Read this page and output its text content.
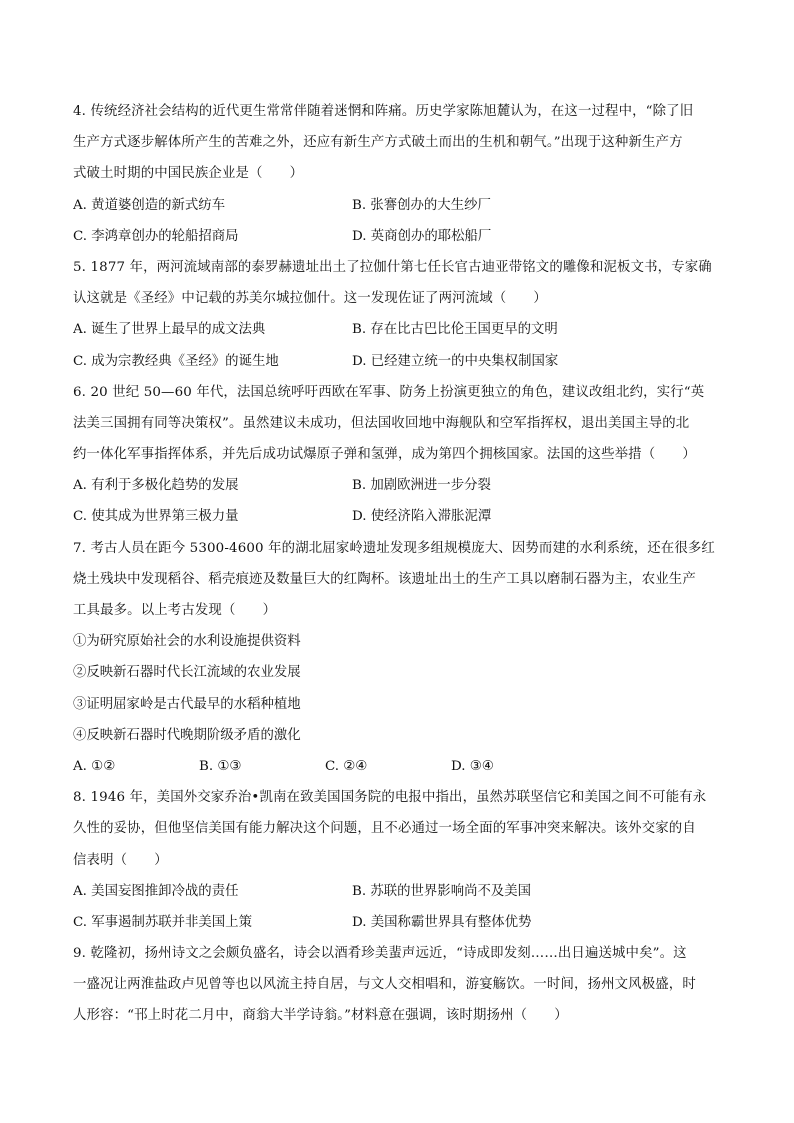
4. 传统经济社会结构的近代更生常常伴随着迷惘和阵痛。历史学家陈旭麓认为，在这一过程中，“除了旧
生产方式逐步解体所产生的苦难之外，还应有新生产方式破土而出的生机和朝气。”出现于这种新生产方
式破土时期的中国民族企业是（　　）
A. 黄道婆创造的新式纺车	B. 张謇创办的大生纱厂
C. 李鸿章创办的轮船招商局	D. 英商创办的耶松船厂
5. 1877 年，两河流域南部的泰罗赫遗址出土了拉伽什第七任长官古迪亚带铭文的雕像和泥板文书，专家确
认这就是《圣经》中记载的苏美尔城拉伽什。这一发现佐证了两河流域（　　）
A. 诞生了世界上最早的成文法典	B. 存在比古巴比伦王国更早的文明
C. 成为宗教经典《圣经》的诞生地	D. 已经建立统一的中央集权制国家
6. 20 世纪 50—60 年代，法国总统呼吁西欧在军事、防务上扮演更独立的角色，建议改组北约，实行“英
法美三国拥有同等决策权”。虽然建议未成功，但法国收回地中海舰队和空军指挥权，退出美国主导的北
约一体化军事指挥体系，并先后成功试爆原子弹和氢弹，成为第四个拥核国家。法国的这些举措（　　）
A. 有利于多极化趋势的发展	B. 加剧欧洲进一步分裂
C. 使其成为世界第三极力量	D. 使经济陷入滞胀泥潭
7. 考古人员在距今 5300-4600 年的湖北屈家岭遗址发现多组规模庞大、因势而建的水利系统，还在很多红
烧土残块中发现稻谷、稻壳痕迹及数量巨大的红陶杯。该遗址出土的生产工具以磨制石器为主，农业生产
工具最多。以上考古发现（　　）
①为研究原始社会的水利设施提供资料
②反映新石器时代长江流域的农业发展
③证明屈家岭是古代最早的水稻种植地
④反映新石器时代晚期阶级矛盾的激化
A. ①②	B. ①③	C. ②④	D. ③④
8. 1946 年，美国外交家乔治•凯南在致美国国务院的电报中指出，虽然苏联坚信它和美国之间不可能有永
久性的妥协，但他坚信美国有能力解决这个问题，且不必通过一场全面的军事冲突来解决。该外交家的自
信表明（　　）
A. 美国妄图推卸冷战的责任	B. 苏联的世界影响尚不及美国
C. 军事遏制苏联并非美国上策	D. 美国称霸世界具有整体优势
9. 乾隆初，扬州诗文之会颇负盛名，诗会以酒肴珍美蜚声远近，“诗成即发刻……出日遍送城中矣”。这
一盛况让两淮盐政卢见曾等也以风流主持自居，与文人交相唱和，游宴觞饮。一时间，扬州文风极盛，时
人形容：“邗上时花二月中，商翁大半学诗翁。”材料意在强调，该时期扬州（　　）
